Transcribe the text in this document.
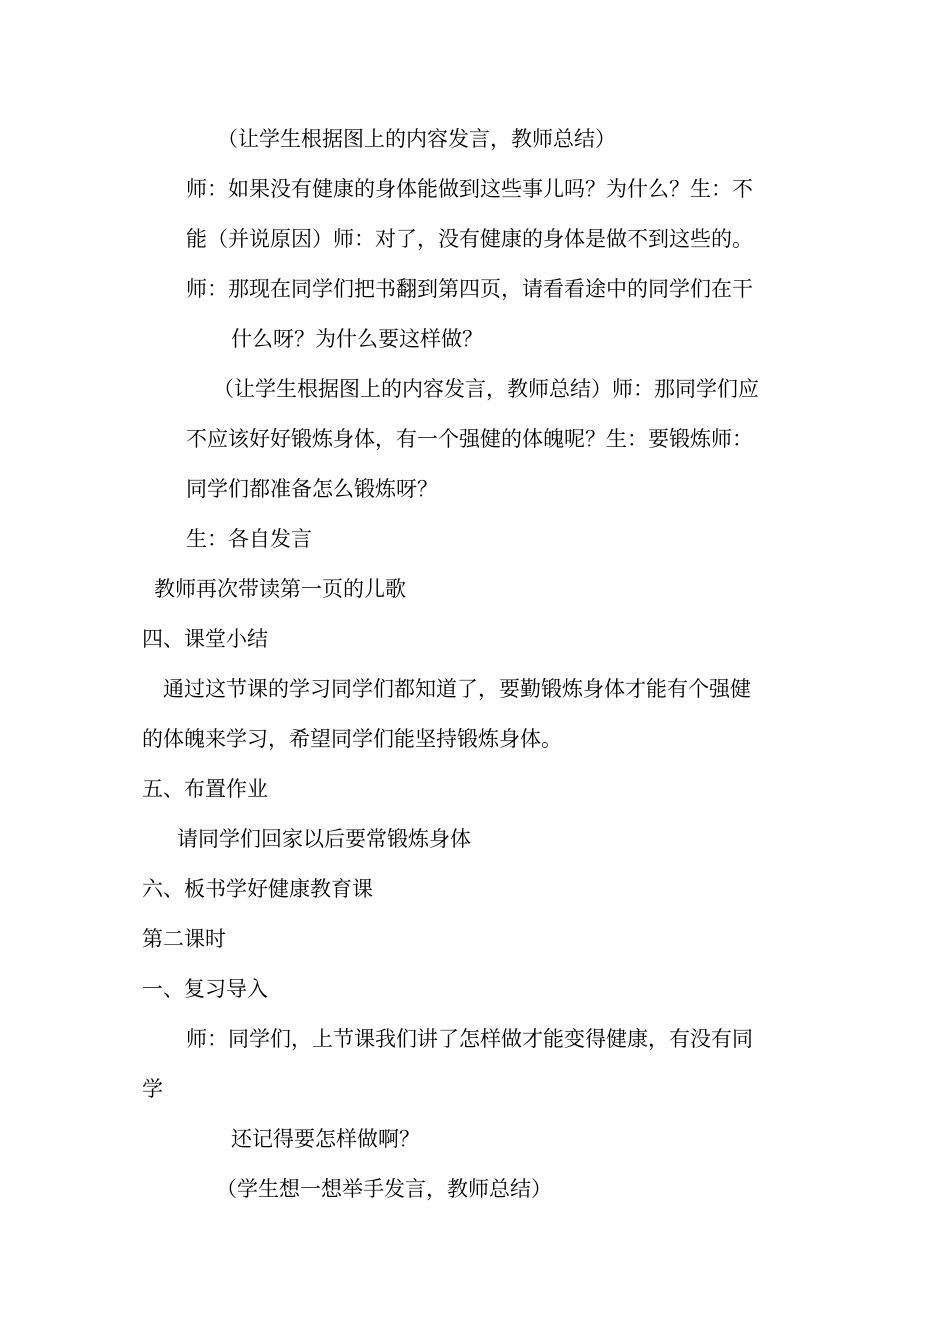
（让学生根据图上的内容发言，教师总结）
师：如果没有健康的身体能做到这些事儿吗？为什么？生：不
能（并说原因）师：对了，没有健康的身体是做不到这些的。
师：那现在同学们把书翻到第四页，请看看途中的同学们在干
什么呀？为什么要这样做？
（让学生根据图上的内容发言，教师总结）师：那同学们应
不应该好好锻炼身体，有一个强健的体魄呢？生：要锻炼师：
同学们都准备怎么锻炼呀？
生：各自发言
教师再次带读第一页的儿歌
四、课堂小结
通过这节课的学习同学们都知道了，要勤锻炼身体才能有个强健
的体魄来学习，希望同学们能坚持锻炼身体。
五、布置作业
请同学们回家以后要常锻炼身体
六、板书学好健康教育课
第二课时
一、复习导入
师：同学们，上节课我们讲了怎样做才能变得健康，有没有同
学
还记得要怎样做啊？
（学生想一想举手发言，教师总结）
